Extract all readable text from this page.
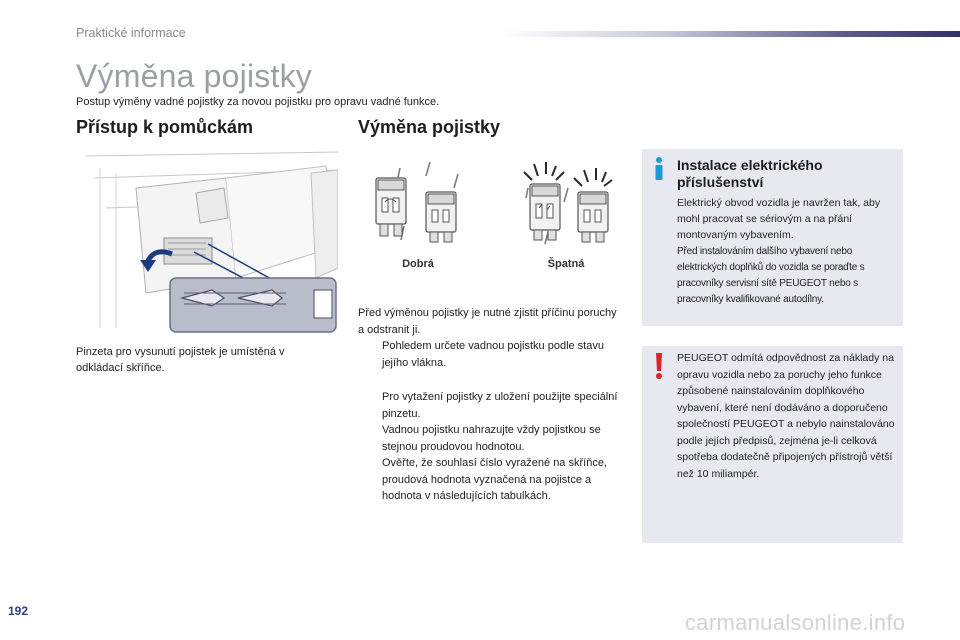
Praktické informace
Výměna pojistky
Postup výměny vadné pojistky za novou pojistku pro opravu vadné funkce.
Přístup k pomůckám	Výměna pojistky
Pinzeta pro vysunutí pojistek je umístěná v odkládací skříňce.
Dobrá	Špatná

Před výměnou pojistky je nutné zjistit příčinu poruchy a odstranit ji.

Pohledem určete vadnou pojistku podle stavu jejího vlákna.
Pro vytažení pojistky z uložení použijte speciální pinzetu.
Vadnou pojistku nahrazujte vždy pojistkou se stejnou proudovou hodnotou.
Ověřte, že souhlasí číslo vyražené na skříňce, proudová hodnota vyznačená na pojistce a hodnota v následujících tabulkách.
Instalace elektrického příslušenství
Elektrický obvod vozidla je navržen tak, aby mohl pracovat se sériovým a na přání montovaným vybavením.
Před instalováním dalšího vybavení nebo elektrických doplňků do vozidla se poraďte s pracovníky servisní sítě PEUGEOT nebo s pracovníky kvalifikované autodílny.
PEUGEOT odmítá odpovědnost za náklady na opravu vozidla nebo za poruchy jeho funkce způsobené nainstalováním doplňkového vybavení, které není dodáváno a doporučeno společností PEUGEOT a nebylo nainstalováno podle jejích předpisů, zejména je-li celková spotřeba dodatečně připojených přístrojů větší než 10 miliampér.
192	carmanualsonline.info
